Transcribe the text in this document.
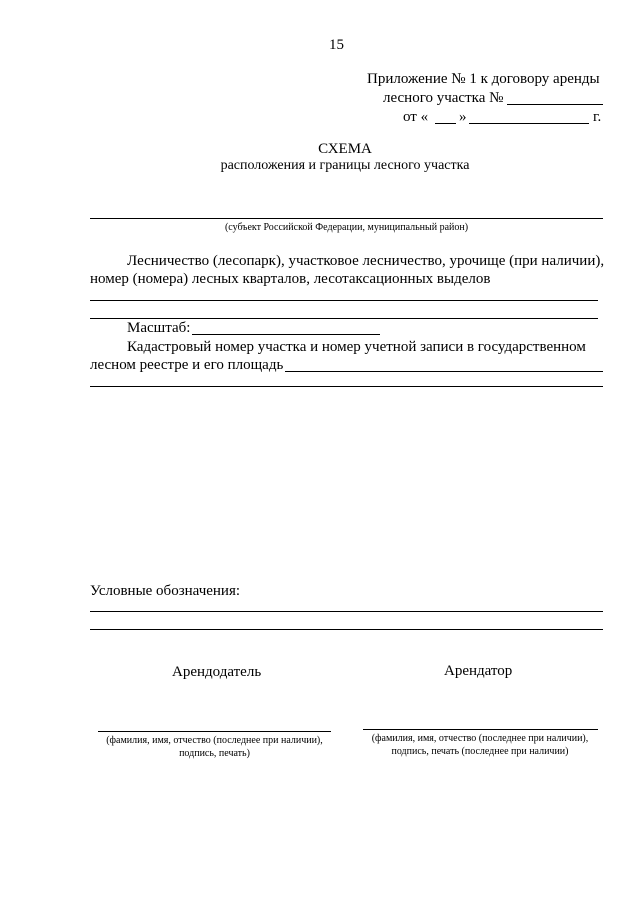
15
Приложение № 1 к договору аренды
лесного участка №
от « »	г.
СХЕМА
расположения и границы лесного участка
(субъект Российской Федерации, муниципальный район)
Лесничество (лесопарк), участковое лесничество, урочище (при наличии),
номер (номера) лесных кварталов, лесотаксационных выделов
Масштаб:
Кадастровый номер участка и номер учетной записи в государственном
лесном реестре и его площадь
Условные обозначения:
Арендодатель	Арендатор
(фамилия, имя, отчество (последнее при наличии),
подпись, печать)
(фамилия, имя, отчество (последнее при наличии),
подпись, печать (последнее при наличии)
